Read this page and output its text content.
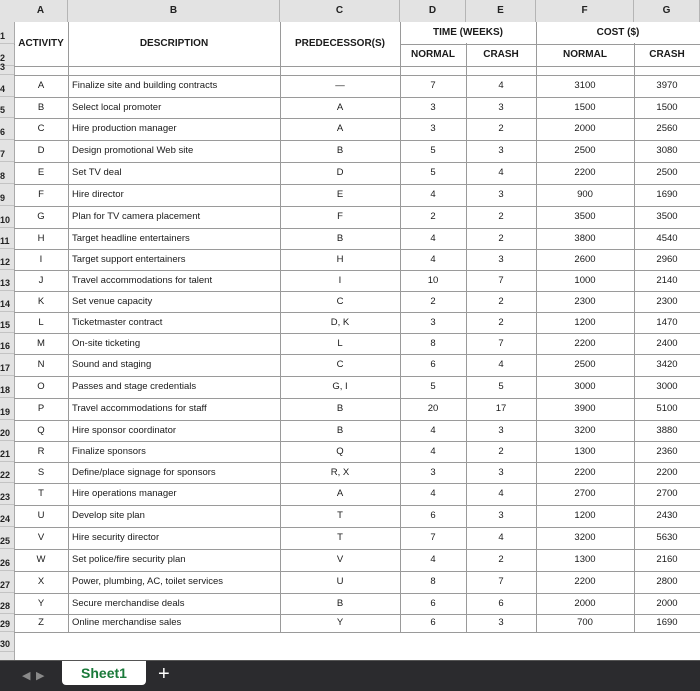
A	B	C	D	E	F	G
1
2
3
4
5
6
7
8
9
10
11
12
13
14
15
16
17
18
19
20
21
22
23
24
25
26
27
28
29
30
ACTIVITY	DESCRIPTION	PREDECESSOR(S)
TIME (WEEKS)	COST ($)
NORMAL	CRASH	NORMAL	CRASH
A	Finalize site and building contracts	—	7	4	3100	3970
B	Select local promoter	A	3	3	1500	1500
C	Hire production manager	A	3	2	2000	2560
D	Design promotional Web site	B	5	3	2500	3080
E	Set TV deal	D	5	4	2200	2500
F	Hire director	E	4	3	900	1690
G	Plan for TV camera placement	F	2	2	3500	3500
H	Target headline entertainers	B	4	2	3800	4540
I	Target support entertainers	H	4	3	2600	2960
J	Travel accommodations for talent	I	10	7	1000	2140
K	Set venue capacity	C	2	2	2300	2300
L	Ticketmaster contract	D, K	3	2	1200	1470
M	On-site ticketing	L	8	7	2200	2400
N	Sound and staging	C	6	4	2500	3420
O	Passes and stage credentials	G, I	5	5	3000	3000
P	Travel accommodations for staff	B	20	17	3900	5100
Q	Hire sponsor coordinator	B	4	3	3200	3880
R	Finalize sponsors	Q	4	2	1300	2360
S	Define/place signage for sponsors	R, X	3	3	2200	2200
T	Hire operations manager	A	4	4	2700	2700
U	Develop site plan	T	6	3	1200	2430
V	Hire security director	T	7	4	3200	5630
W	Set police/fire security plan	V	4	2	1300	2160
X	Power, plumbing, AC, toilet services	U	8	7	2200	2800
Y	Secure merchandise deals	B	6	6	2000	2000
Z	Online merchandise sales	Y	6	3	700	1690
◀ ▶	Sheet1	+
